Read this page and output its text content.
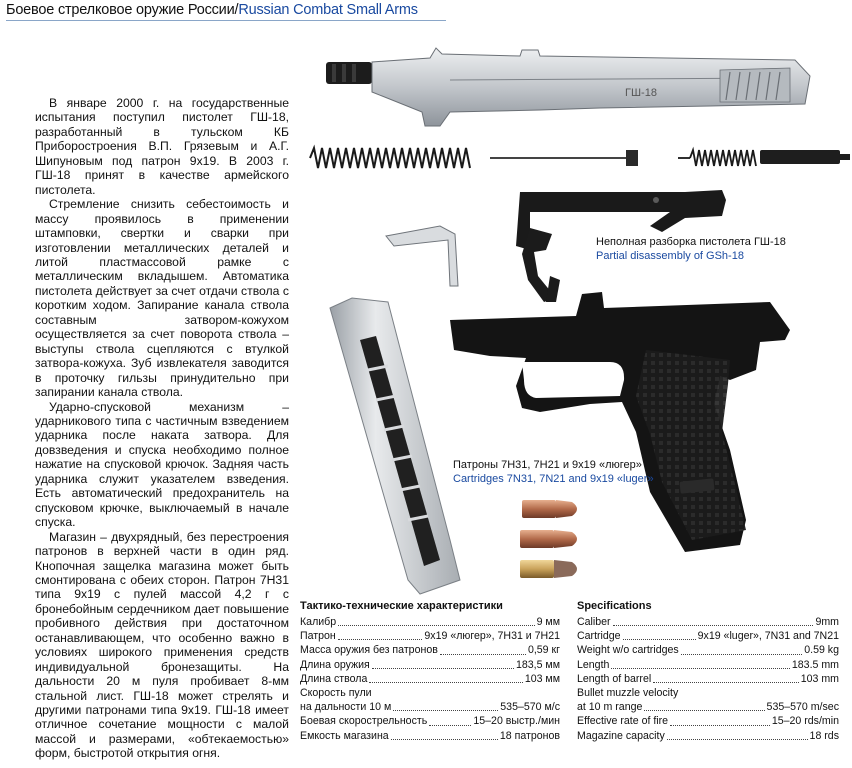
Боевое стрелковое оружие России/Russian Combat Small Arms

В январе 2000 г. на государственные испытания поступил пистолет ГШ-18, разработанный в тульском КБ Приборостроения В.П. Грязевым и А.Г. Шипуновым под патрон 9х19. В 2003 г. ГШ-18 принят в качестве армейского пистолета.

Стремление снизить себестоимость и массу проявилось в применении штамповки, свертки и сварки при изготовлении металлических деталей и литой пластмассовой рамке с металлическим вкладышем. Автоматика пистолета действует за счет отдачи ствола с коротким ходом. Запирание канала ствола составным затвором-кожухом осуществляется за счет поворота ствола – выступы ствола сцепляются с втулкой затвора-кожуха. Зуб извлекателя заводится в проточку гильзы принудительно при запирании канала ствола.

Ударно-спусковой механизм – ударникового типа с частичным взведением ударника после наката затвора. Для довзведения и спуска необходимо полное нажатие на спусковой крючок. Задняя часть ударника служит указателем взведения. Есть автоматический предохранитель на спусковом крючке, выключаемый в начале спуска.

Магазин – двухрядный, без перестроения патронов в верхней части в один ряд. Кнопочная защелка магазина может быть смонтирована с обеих сторон. Патрон 7Н31 типа 9х19 с пулей массой 4,2 г с бронебойным сердечником дает повышение пробивного действия при достаточном останавливающем, что особенно важно в условиях широкого применения средств индивидуальной бронезащиты. На дальности 20 м пуля пробивает 8-мм стальной лист. ГШ-18 может стрелять и другими патронами типа 9х19. ГШ-18 имеет отличное сочетание мощности с малой массой и размерами, «обтекаемостью» форм, быстротой открытия огня.

ГШ-18
Неполная разборка пистолета ГШ-18
Partial disassembly of GSh-18
Патроны 7Н31, 7Н21 и 9х19 «люгер»
Cartridges 7N31, 7N21 and 9x19 «luger»
Тактико-технические характеристики

Калибр	9 мм

Патрон	9х19 «люгер», 7Н31 и 7Н21

Масса оружия без патронов	0,59 кг

Длина оружия	183,5 мм

Длина ствола	103 мм

Скорость пули

на дальности 10 м	535–570 м/с

Боевая скорострельность	15–20 выстр./мин

Емкость магазина	18 патронов
Specifications

Caliber	9mm

Cartridge	9x19 «luger», 7N31 and 7N21

Weight w/o cartridges	0.59 kg

Length	183.5 mm

Length of barrel	103 mm

Bullet muzzle velocity

at 10 m range	535–570 m/sec

Effective rate of fire	15–20 rds/min

Magazine capacity	18 rds
